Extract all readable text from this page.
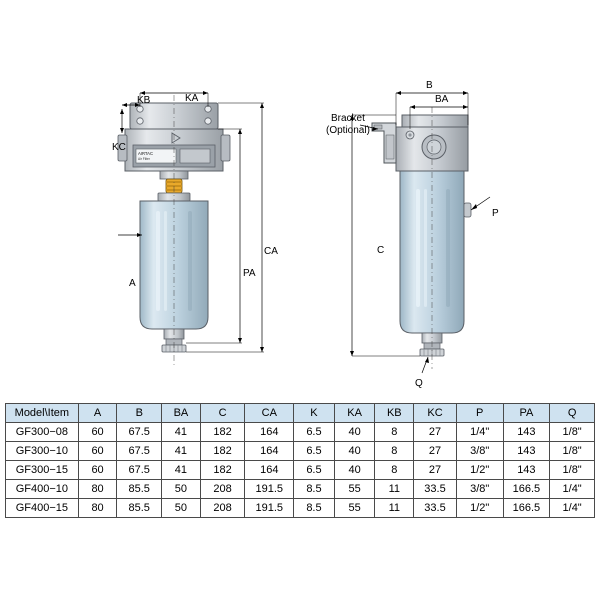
AIRTAC
Air Filter
KB	KA
KC
A
PA
CA
B
BA
Bracket
(Optional)
P
C
Q
Model\Item	A	B	BA	C	CA	K	KA	KB	KC	P	PA	Q
GF300−08	60	67.5	41	182	164	6.5	40	8	27	1/4"	143	1/8"
GF300−10	60	67.5	41	182	164	6.5	40	8	27	3/8"	143	1/8"
GF300−15	60	67.5	41	182	164	6.5	40	8	27	1/2"	143	1/8"
GF400−10	80	85.5	50	208	191.5	8.5	55	11	33.5	3/8"	166.5	1/4"
GF400−15	80	85.5	50	208	191.5	8.5	55	11	33.5	1/2"	166.5	1/4"
